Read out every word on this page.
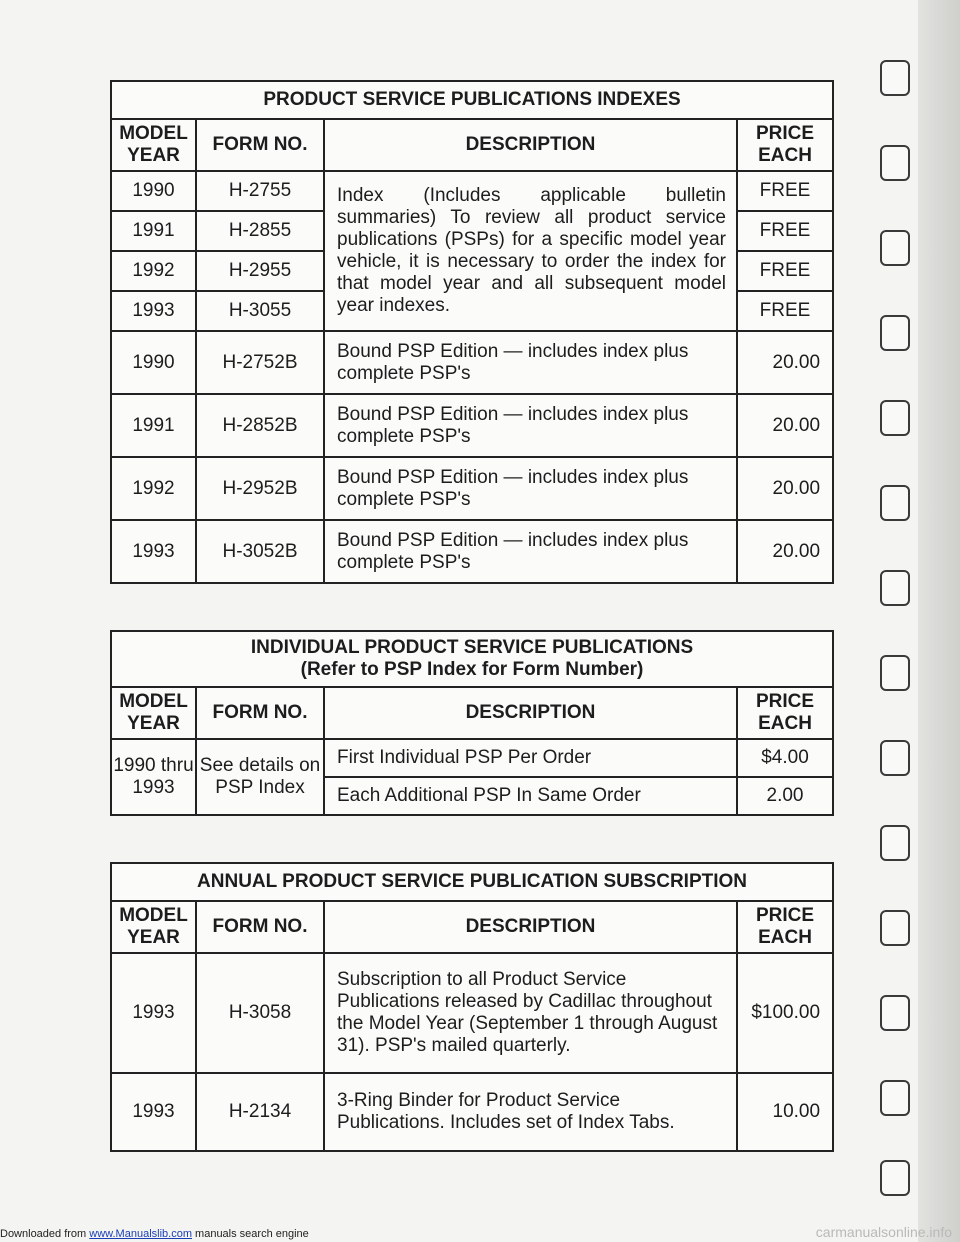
PRODUCT SERVICE PUBLICATIONS INDEXES			
MODEL YEAR	FORM NO.	DESCRIPTION	PRICE EACH
1990	H-2755	Index (Includes applicable bulletin summaries) To review all product service publications (PSPs) for a specific model year vehicle, it is necessary to order the index for that model year and all subsequent model year indexes.	FREE
1991	H-2855		FREE
1992	H-2955		FREE
1993	H-3055		FREE
1990	H-2752B	Bound PSP Edition — includes index plus complete PSP's	20.00
1991	H-2852B	Bound PSP Edition — includes index plus complete PSP's	20.00
1992	H-2952B	Bound PSP Edition — includes index plus complete PSP's	20.00
1993	H-3052B	Bound PSP Edition — includes index plus complete PSP's	20.00
INDIVIDUAL PRODUCT SERVICE PUBLICATIONS
(Refer to PSP Index for Form Number)			

MODEL YEAR	FORM NO.	DESCRIPTION	PRICE EACH
1990 thru 1993	See details on PSP Index	First Individual PSP Per Order	$4.00
		Each Additional PSP In Same Order	2.00
ANNUAL PRODUCT SERVICE PUBLICATION SUBSCRIPTION			
MODEL YEAR	FORM NO.	DESCRIPTION	PRICE EACH
1993	H-3058	Subscription to all Product Service Publications released by Cadillac throughout the Model Year (September 1 through August 31). PSP's mailed quarterly.	$100.00
1993	H-2134	3-Ring Binder for Product Service Publications. Includes set of Index Tabs.	10.00
Downloaded from www.Manualslib.com manuals search engine	carmanualsonline.info
